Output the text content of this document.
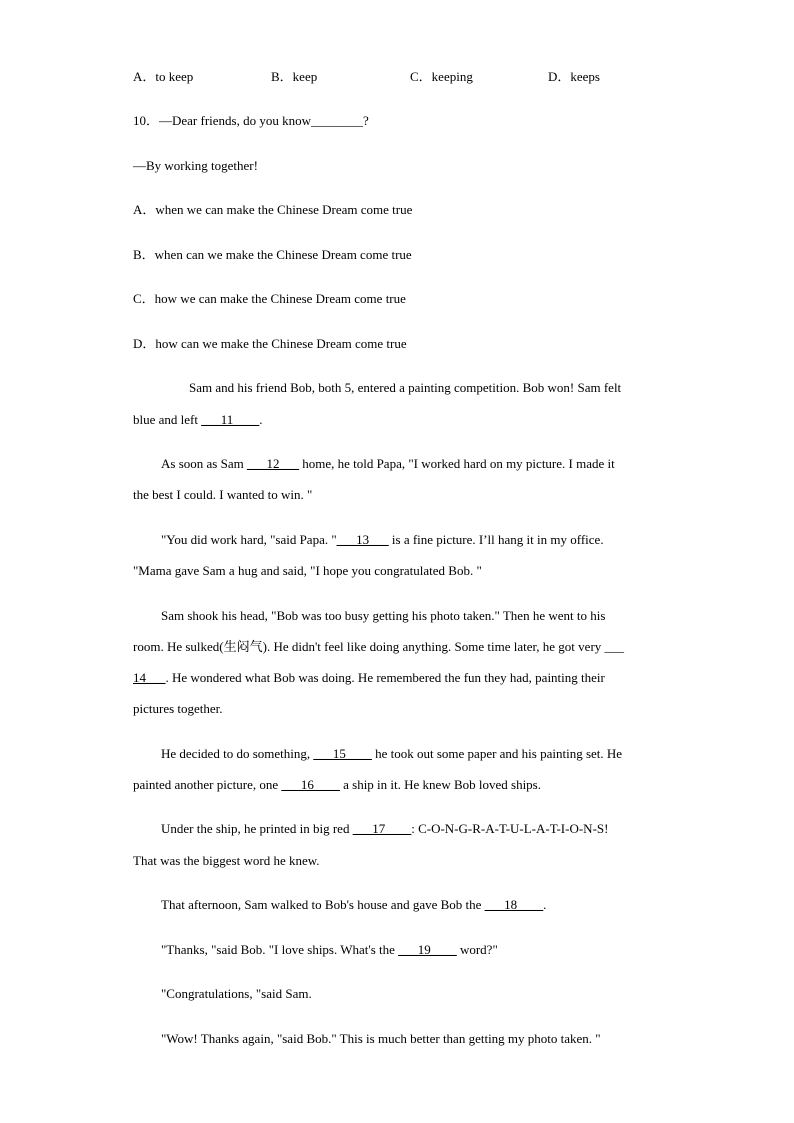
A．to keep	B．keep	C．keeping	D．keeps
10．—Dear friends, do you know________?
—By working together!
A．when we can make the Chinese Dream come true
B．when can we make the Chinese Dream come true
C．how we can make the Chinese Dream come true
D．how can we make the Chinese Dream come true
Sam and his friend Bob, both 5, entered a painting competition. Bob won! Sam felt
blue and left ___11____.
As soon as Sam ___12___ home, he told Papa, "I worked hard on my picture. I made it
the best I could. I wanted to win. "
"You did work hard, "said Papa. "___13___ is a fine picture. I’ll hang it in my office.
"Mama gave Sam a hug and said, "I hope you congratulated Bob. "
Sam shook his head, "Bob was too busy getting his photo taken." Then he went to his
room. He sulked(生闷气). He didn't feel like doing anything. Some time later, he got very ___
14___. He wondered what Bob was doing. He remembered the fun they had, painting their
pictures together.
He decided to do something, ___15____ he took out some paper and his painting set. He
painted another picture, one ___16____ a ship in it. He knew Bob loved ships.
Under the ship, he printed in big red ___17____: C-O-N-G-R-A-T-U-L-A-T-I-O-N-S!
That was the biggest word he knew.
That afternoon, Sam walked to Bob's house and gave Bob the ___18____.
"Thanks, "said Bob. "I love ships. What's the ___19____ word?"
"Congratulations, "said Sam.
"Wow! Thanks again, "said Bob." This is much better than getting my photo taken. "
